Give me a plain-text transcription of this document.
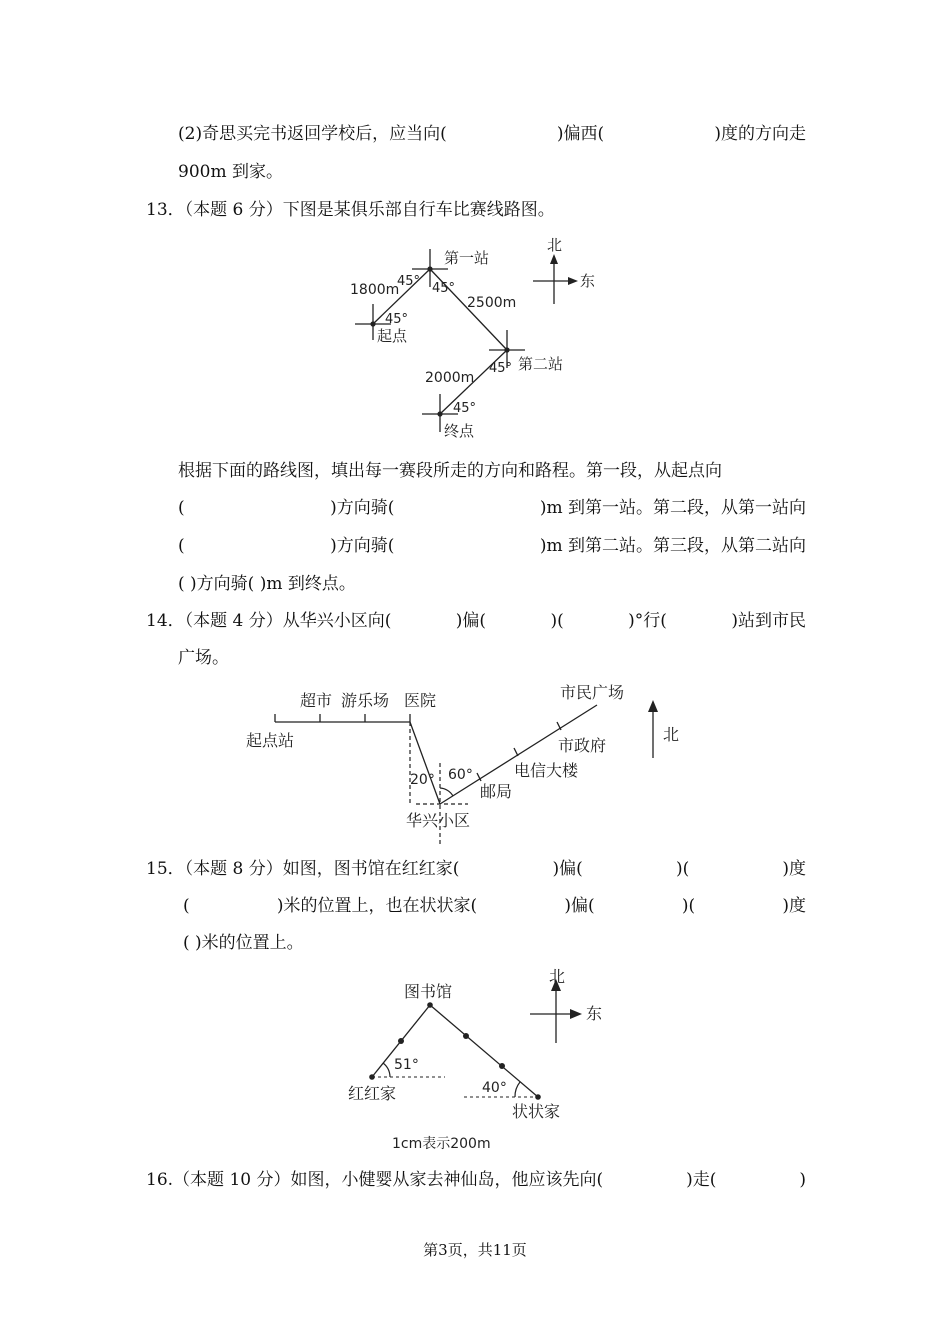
(2)奇思买完书返回学校后，应当向(	)偏西(	)度的方向走
900m 到家。
13．（本题 6 分）下图是某俱乐部自行车比赛线路图。
第一站
第二站
起点
终点
北
东
1800m
2500m
2000m
45° 45°
45°
45°
45°
根据下面的路线图，填出每一赛段所走的方向和路程。第一段，从起点向
(	)方向骑(	)m 到第一站。第二段，从第一站向
(	)方向骑(	)m 到第二站。第三段，从第二站向
( )方向骑( )m 到终点。
14．（本题 4 分）从华兴小区向(	)偏(	)(	)°行(	)站到市民
广场。
超市 游乐场 医院
起点站
市民广场
北
市政府
电信大楼
邮局
华兴小区
20° 60°
15．（本题 8 分）如图，图书馆在红红家(	)偏(	)(	)度
(	)米的位置上，也在状状家(	)偏(	)(	)度
( )米的位置上。
图书馆
红红家
状状家
北
东
51°
40°
1cm表示200m
16.（本题 10 分）如图，小健婴从家去神仙岛，他应该先向(	)走(	)
第3页，共11页
